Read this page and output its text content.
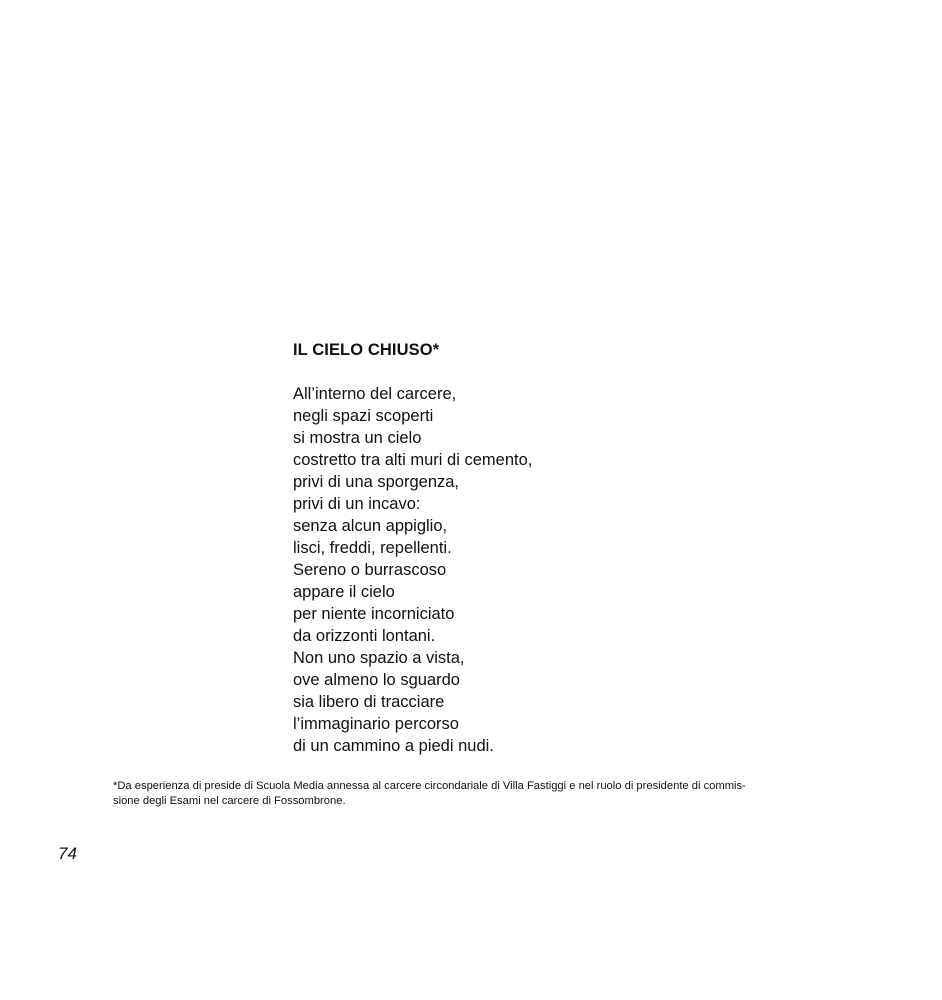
IL CIELO CHIUSO*
All’interno del carcere,
negli spazi scoperti
si mostra un cielo
costretto tra alti muri di cemento,
privi di una sporgenza,
privi di un incavo:
senza alcun appiglio,
lisci, freddi, repellenti.
Sereno o burrascoso
appare il cielo
per niente incorniciato
da orizzonti lontani.
Non uno spazio a vista,
ove almeno lo sguardo
sia libero di tracciare
l’immaginario percorso
di un cammino a piedi nudi.
*Da esperienza di preside di Scuola Media annessa al carcere circondariale di Villa Fastiggi e nel ruolo di presidente di commis-
sione degli Esami nel carcere di Fossombrone.
74
